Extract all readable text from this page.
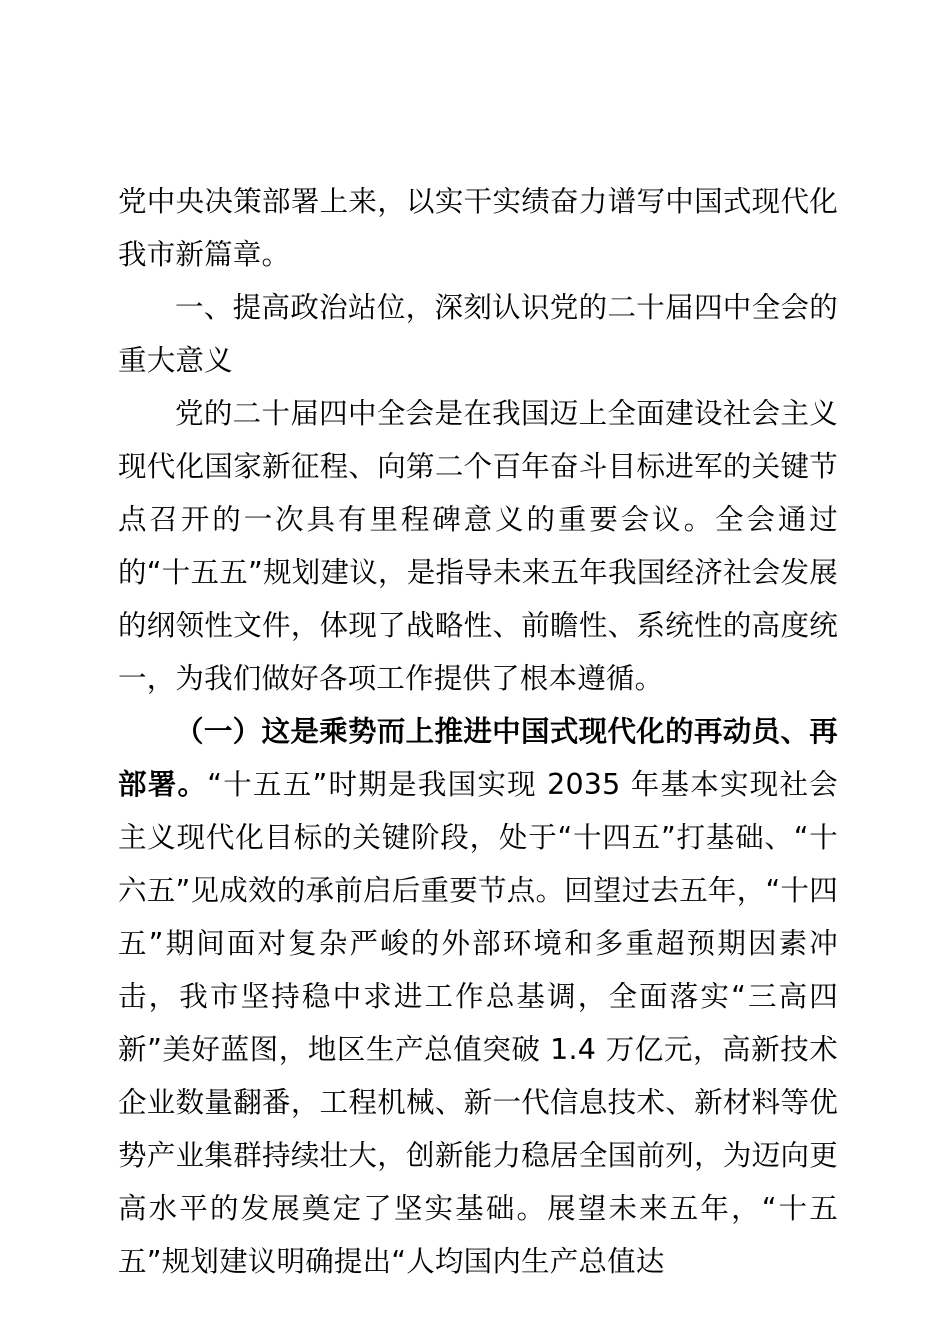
党中央决策部署上来，以实干实绩奋力谱写中国式现代化我市新篇章。

一、提高政治站位，深刻认识党的二十届四中全会的重大意义

党的二十届四中全会是在我国迈上全面建设社会主义现代化国家新征程、向第二个百年奋斗目标进军的关键节点召开的一次具有里程碑意义的重要会议。全会通过的“十五五”规划建议，是指导未来五年我国经济社会发展的纲领性文件，体现了战略性、前瞻性、系统性的高度统一，为我们做好各项工作提供了根本遵循。

（一）这是乘势而上推进中国式现代化的再动员、再部署。“十五五”时期是我国实现 2035 年基本实现社会主义现代化目标的关键阶段，处于“十四五”打基础、“十六五”见成效的承前启后重要节点。回望过去五年，“十四五”期间面对复杂严峻的外部环境和多重超预期因素冲击，我市坚持稳中求进工作总基调，全面落实“三高四新”美好蓝图，地区生产总值突破 1.4 万亿元，高新技术企业数量翻番，工程机械、新一代信息技术、新材料等优势产业集群持续壮大，创新能力稳居全国前列，为迈向更高水平的发展奠定了坚实基础。展望未来五年，“十五五”规划建议明确提出“人均国内生产总值达
